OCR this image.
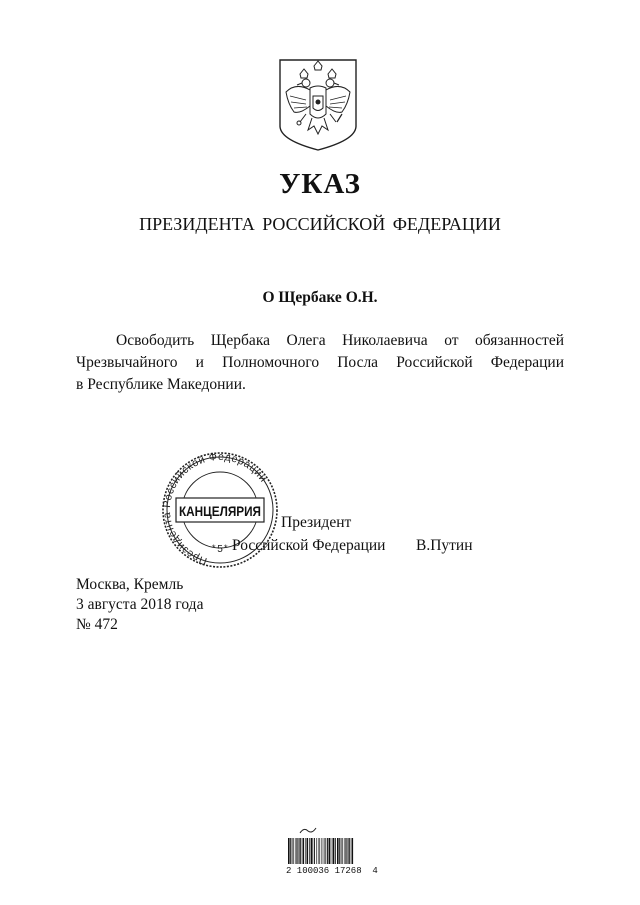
УКАЗ
ПРЕЗИДЕНТА РОССИЙСКОЙ ФЕДЕРАЦИИ
О Щербаке О.Н.
Освободить Щербака Олега Николаевича от обязанностей
Чрезвычайного и Полномочного Посла Российской Федерации
в Республике Македонии.
Президента Российской Федерации
КАНЦЕЛЯРИЯ
* 5 *
Президент
Российской Федерации В.Путин
Москва, Кремль
3 августа 2018 года
№ 472
2 100036 17268  4
